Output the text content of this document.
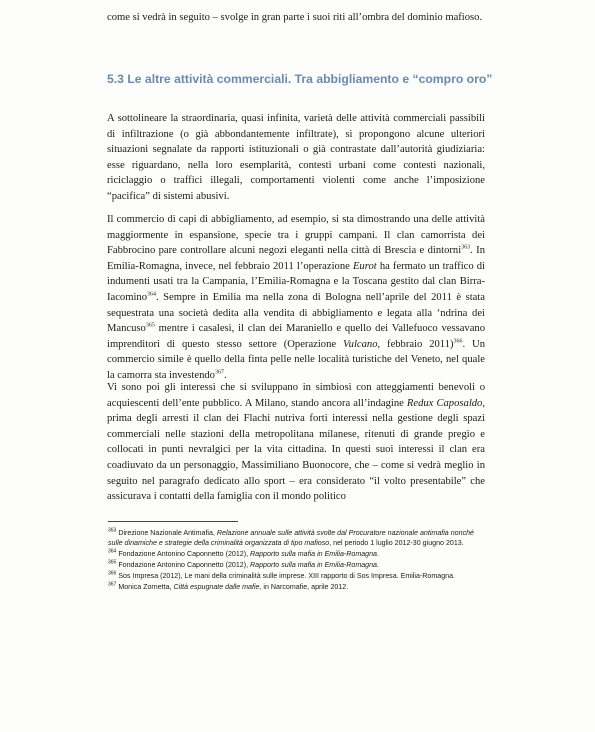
come si vedrà in seguito – svolge in gran parte i suoi riti all’ombra del dominio mafioso.

5.3 Le altre attività commerciali. Tra abbigliamento e “compro oro”

A sottolineare la straordinaria, quasi infinita, varietà delle attività commerciali passibili di infiltrazione (o già abbondantemente infiltrate), si propongono alcune ulteriori situazioni segnalate da rapporti istituzionali o già contrastate dall’autorità giudiziaria: esse riguardano, nella loro esemplarità, contesti urbani come contesti nazionali, riciclaggio o traffici illegali, comportamenti violenti come anche l’imposizione “pacifica” di sistemi abusivi.

Il commercio di capi di abbigliamento, ad esempio, si sta dimostrando una delle attività maggiormente in espansione, specie tra i gruppi campani. Il clan camorrista dei Fabbrocino pare controllare alcuni negozi eleganti nella città di Brescia e dintorni$^{363}$. In Emilia-Romagna, invece, nel febbraio 2011 l’operazione Eurot ha fermato un traffico di indumenti usati tra la Campania, l’Emilia-Romagna e la Toscana gestito dal clan Birra-Iacomino$^{364}$. Sempre in Emilia ma nella zona di Bologna nell’aprile del 2011 è stata sequestrata una società dedita alla vendita di abbigliamento e legata alla ‘ndrina dei Mancuso$^{365}$ mentre i casalesi, il clan dei Maraniello e quello dei Vallefuoco vessavano imprenditori di questo stesso settore (Operazione Vulcano, febbraio 2011)$^{366}$. Un commercio simile è quello della finta pelle nelle località turistiche del Veneto, nel quale la camorra sta investendo$^{367}$.

Vi sono poi gli interessi che si sviluppano in simbiosi con atteggiamenti benevoli o acquiescenti dell’ente pubblico. A Milano, stando ancora all’indagine Redux Caposaldo, prima degli arresti il clan dei Flachi nutriva forti interessi nella gestione degli spazi commerciali nelle stazioni della metropolitana milanese, ritenuti di grande pregio e collocati in punti nevralgici per la vita cittadina. In questi suoi interessi il clan era coadiuvato da un personaggio, Massimiliano Buonocore, che – come si vedrà meglio in seguito nel paragrafo dedicato allo sport – era considerato “il volto presentabile” che assicurava i contatti della famiglia con il mondo politico

$^{363}$ Direzione Nazionale Antimafia, Relazione annuale sulle attività svolte dal Procuratore nazionale antimafia nonché sulle dinamiche e strategie della criminalità organizzata di tipo mafioso, nel periodo 1 luglio 2012-30 giugno 2013.

$^{364}$ Fondazione Antonino Caponnetto (2012), Rapporto sulla mafia in Emilia-Romagna.

$^{365}$ Fondazione Antonino Caponnetto (2012), Rapporto sulla mafia in Emilia-Romagna.

$^{366}$ Sos Impresa (2012), Le mani della criminalità sulle imprese. XIII rapporto di Sos Impresa. Emilia-Romagna.

$^{367}$ Monica Zornetta, Città espugnate dalle mafie, in Narcomafie, aprile 2012.
